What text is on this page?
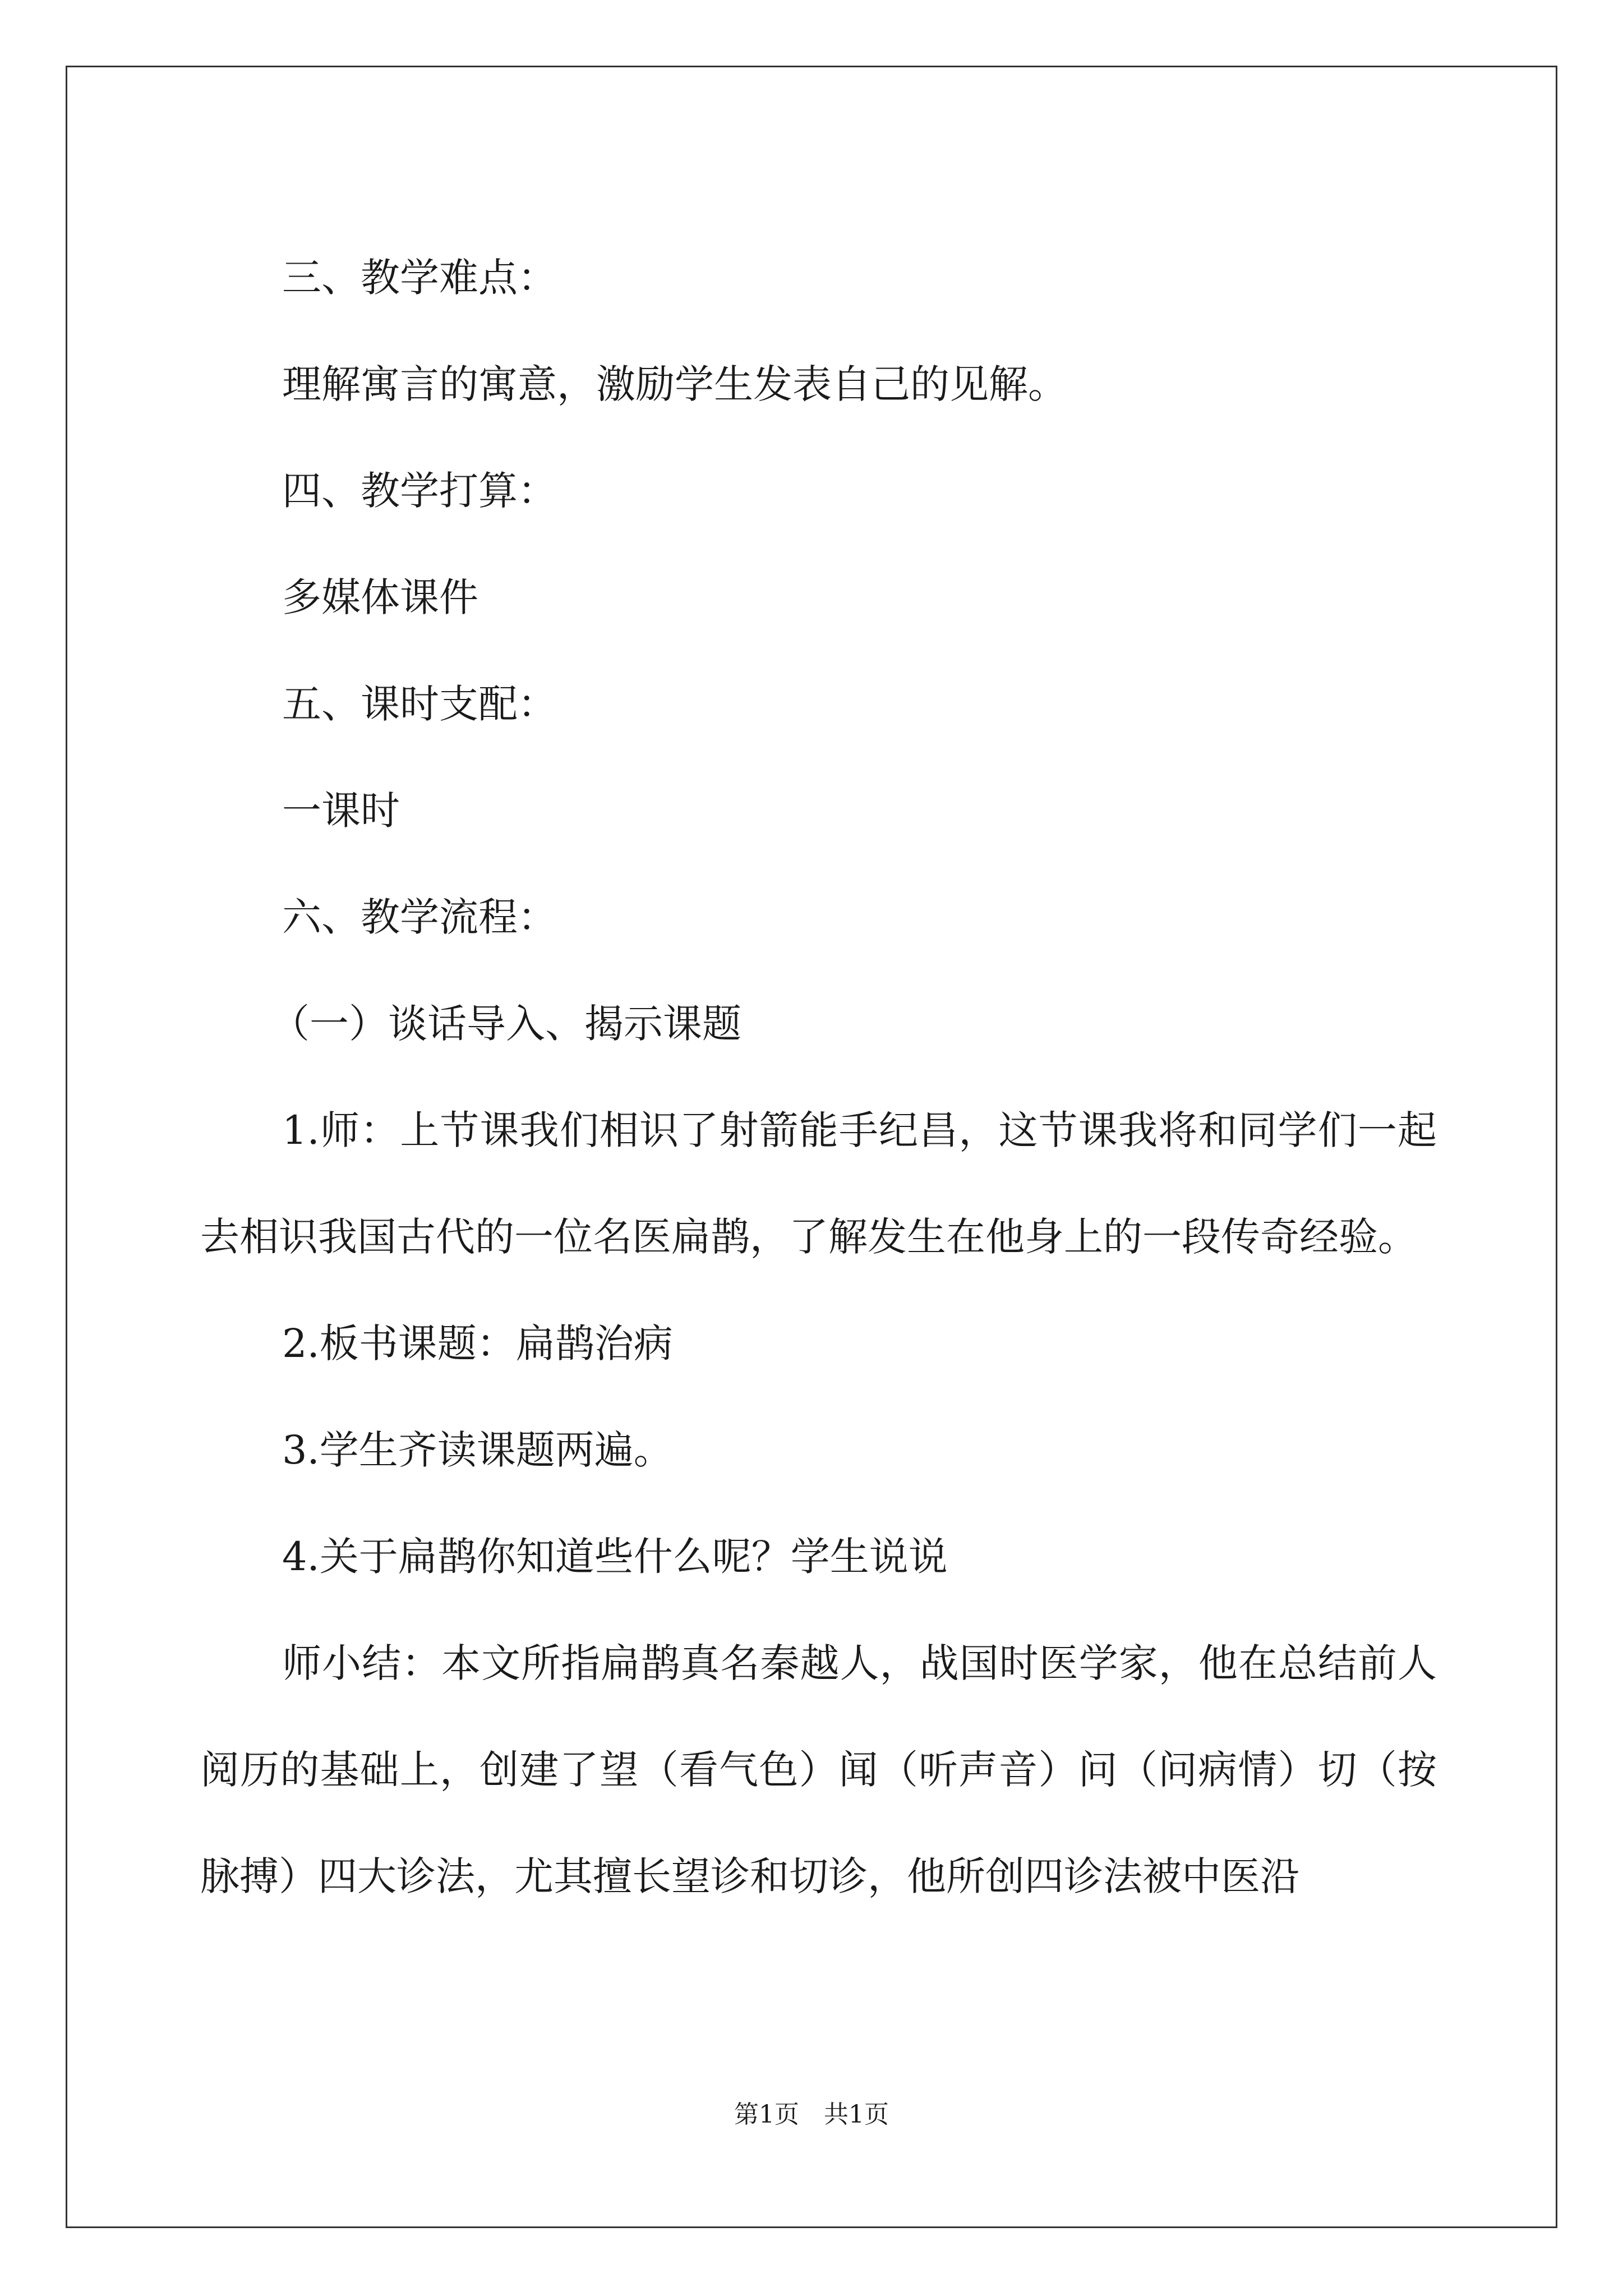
三、教学难点：

理解寓言的寓意，激励学生发表自己的见解。

四、教学打算：

多媒体课件

五、课时支配：

一课时

六、教学流程：

（一）谈话导入、揭示课题

1.师：上节课我们相识了射箭能手纪昌，这节课我将和同学们一起去相识我国古代的一位名医扁鹊，了解发生在他身上的一段传奇经验。

2.板书课题：扁鹊治病

3.学生齐读课题两遍。

4.关于扁鹊你知道些什么呢？学生说说

师小结：本文所指扁鹊真名秦越人，战国时医学家，他在总结前人阅历的基础上，创建了望（看气色）闻（听声音）问（问病情）切（按脉搏）四大诊法，尤其擅长望诊和切诊，他所创四诊法被中医沿

第1页 共1页
